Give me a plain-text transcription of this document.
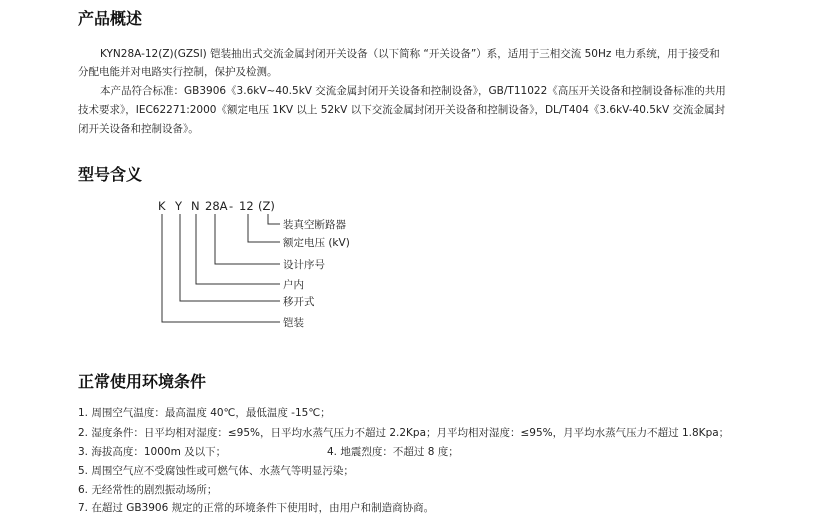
产品概述

KYN28A-12(Z)(GZSl) 铠装抽出式交流金属封闭开关设备（以下简称 “开关设备”）系，适用于三相交流 50Hz 电力系统，用于接受和

分配电能并对电路实行控制，保护及检测。

本产品符合标准：GB3906《3.6kV~40.5kV 交流金属封闭开关设备和控制设备》，GB/T11022《高压开关设备和控制设备标准的共用

技术要求》，IEC62271:2000《额定电压 1KV 以上 52kV 以下交流金属封闭开关设备和控制设备》，DL/T404《3.6kV-40.5kV 交流金属封

闭开关设备和控制设备》。

型号含义
K Y N 28A - 12 (Z)
装真空断路器
额定电压 (kV)
设计序号
户内
移开式
铠装
正常使用环境条件

1. 周围空气温度：最高温度 40℃，最低温度 -15℃；

2. 湿度条件：日平均相对湿度：≤95%，日平均水蒸气压力不超过 2.2Kpa；月平均相对湿度：≤95%，月平均水蒸气压力不超过 1.8Kpa；

3. 海拔高度：1000m 及以下；	4. 地震烈度：不超过 8 度；

5. 周围空气应不受腐蚀性或可燃气体、水蒸气等明显污染；

6. 无经常性的剧烈振动场所；

7. 在超过 GB3906 规定的正常的环境条件下使用时，由用户和制造商协商。
